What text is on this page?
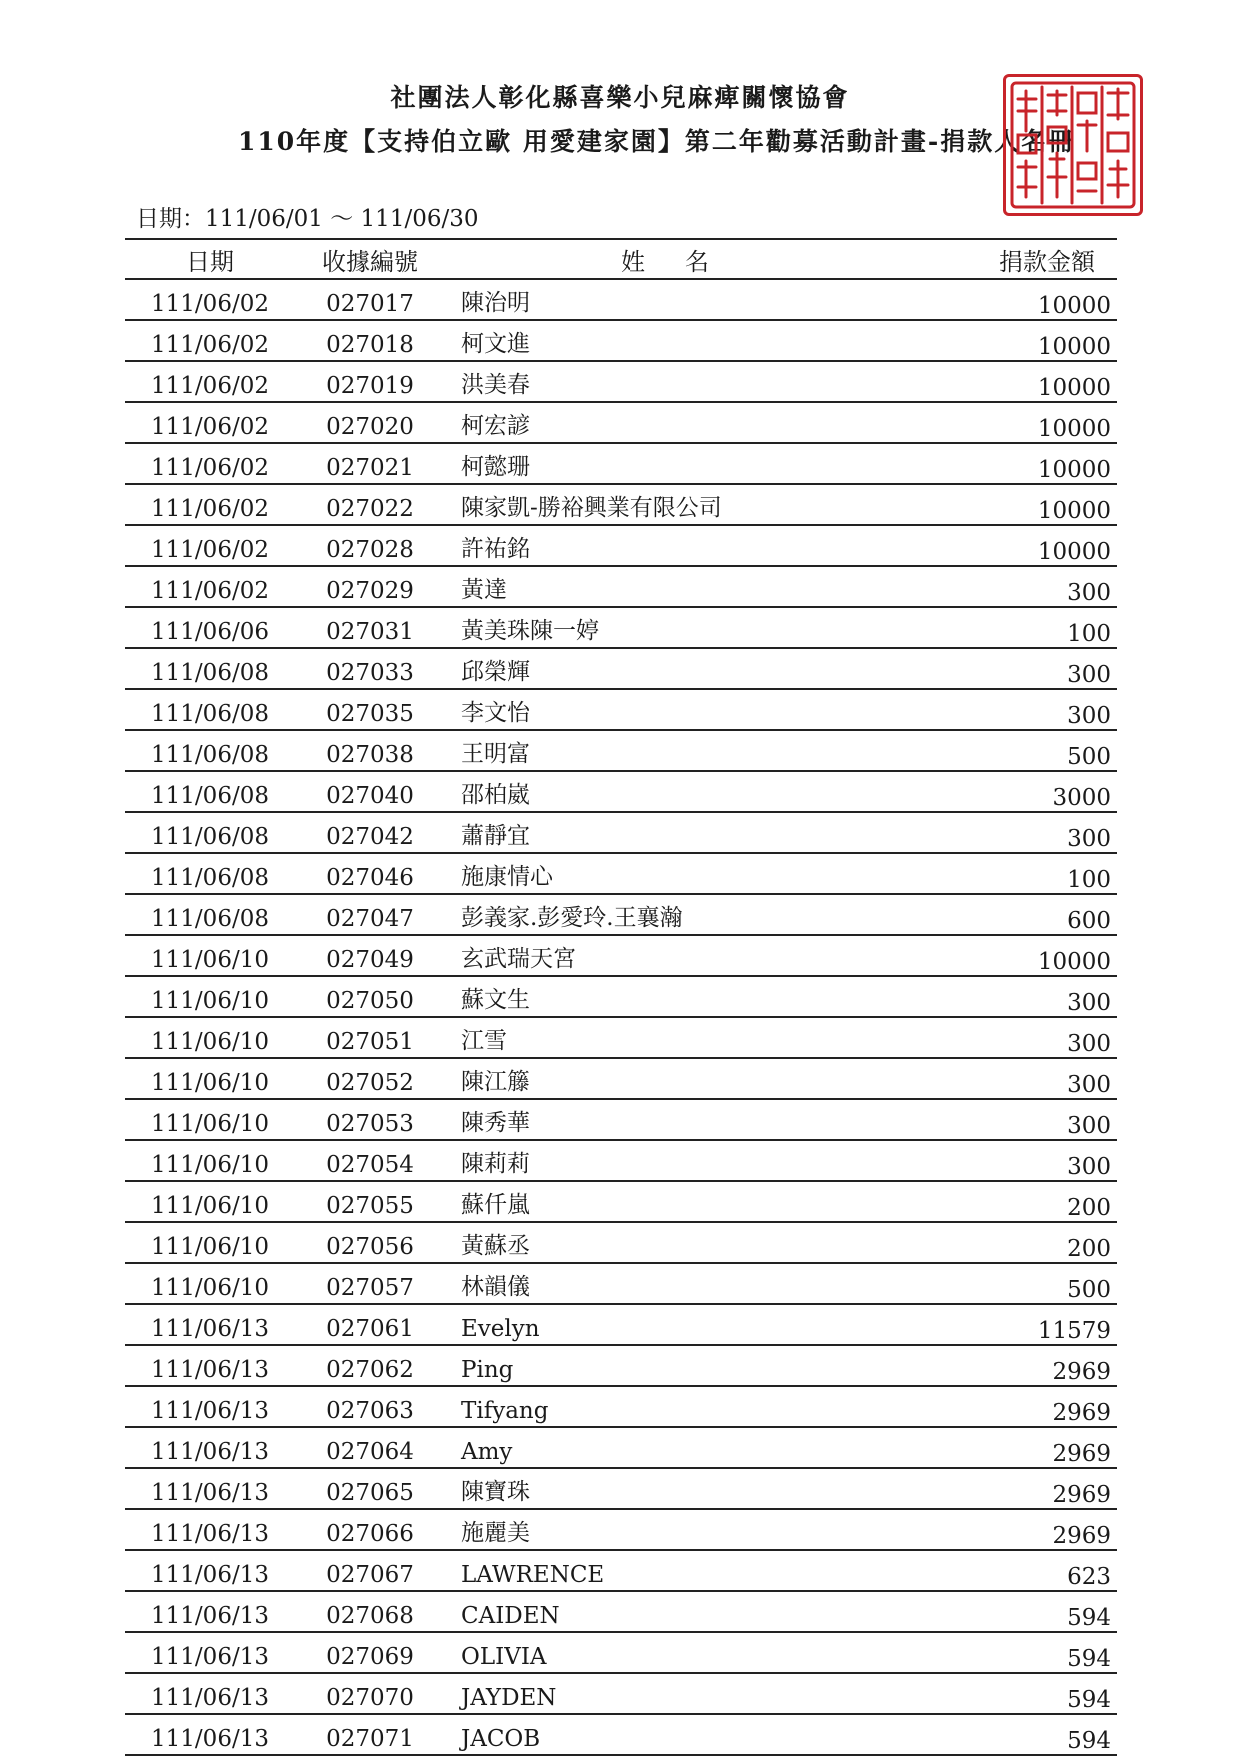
社團法人彰化縣喜樂小兒麻痺關懷協會
110年度【支持伯立歐 用愛建家園】第二年勸募活動計畫-捐款人名冊
日期：111/06/01 ～ 111/06/30
日期	收據編號	姓名	捐款金額
111/06/02	027017	陳治明	10000
111/06/02	027018	柯文進	10000
111/06/02	027019	洪美春	10000
111/06/02	027020	柯宏諺	10000
111/06/02	027021	柯懿珊	10000
111/06/02	027022	陳家凱-勝裕興業有限公司	10000
111/06/02	027028	許祐銘	10000
111/06/02	027029	黃達	300
111/06/06	027031	黃美珠陳一婷	100
111/06/08	027033	邱榮輝	300
111/06/08	027035	李文怡	300
111/06/08	027038	王明富	500
111/06/08	027040	邵柏崴	3000
111/06/08	027042	蕭靜宜	300
111/06/08	027046	施康情心	100
111/06/08	027047	彭義家.彭愛玲.王襄瀚	600
111/06/10	027049	玄武瑞天宮	10000
111/06/10	027050	蘇文生	300
111/06/10	027051	江雪	300
111/06/10	027052	陳江籐	300
111/06/10	027053	陳秀華	300
111/06/10	027054	陳莉莉	300
111/06/10	027055	蘇仟嵐	200
111/06/10	027056	黃蘇丞	200
111/06/10	027057	林韻儀	500
111/06/13	027061	Evelyn	11579
111/06/13	027062	Ping	2969
111/06/13	027063	Tifyang	2969
111/06/13	027064	Amy	2969
111/06/13	027065	陳寶珠	2969
111/06/13	027066	施麗美	2969
111/06/13	027067	LAWRENCE	623
111/06/13	027068	CAIDEN	594
111/06/13	027069	OLIVIA	594
111/06/13	027070	JAYDEN	594
111/06/13	027071	JACOB	594
